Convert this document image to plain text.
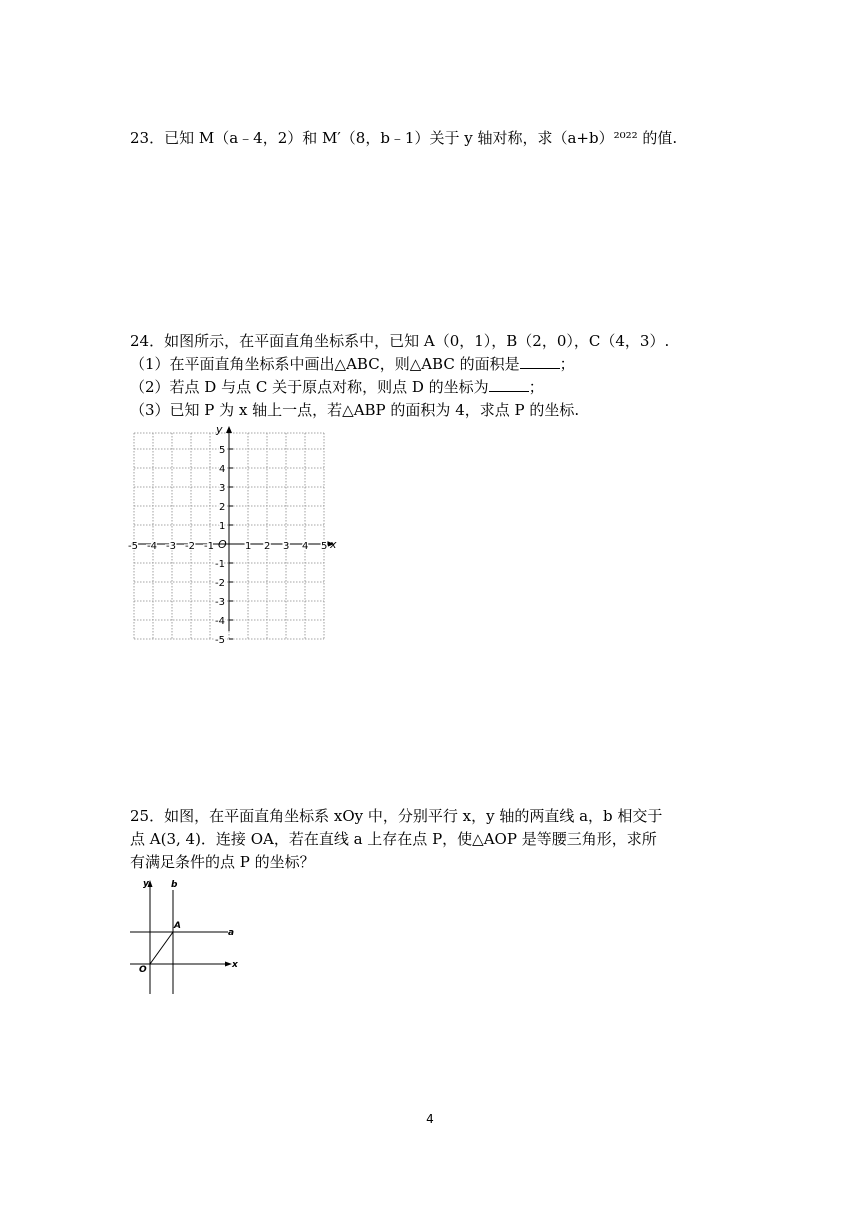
23．已知 M（a﹣4，2）和 M′（8，b﹣1）关于 y 轴对称，求（a+b）²⁰²² 的值.
24．如图所示，在平面直角坐标系中，已知 A（0，1），B（2，0），C（4，3）.
（1）在平面直角坐标系中画出△ABC，则△ABC 的面积是	；
（2）若点 D 与点 C 关于原点对称，则点 D 的坐标为	；
（3）已知 P 为 x 轴上一点，若△ABP 的面积为 4，求点 P 的坐标.
-5 -4 -3 -2 -1	1 2 3 4 5
5
4
3
2
1
-1
-2
-3
-4
-5
x
y
O
25．如图，在平面直角坐标系 xOy 中，分别平行 x，y 轴的两直线 a，b 相交于
点 A(3, 4)．连接 OA，若在直线 a 上存在点 P，使△AOP 是等腰三角形，求所
有满足条件的点 P 的坐标？
y b
A
a
O	x
4
